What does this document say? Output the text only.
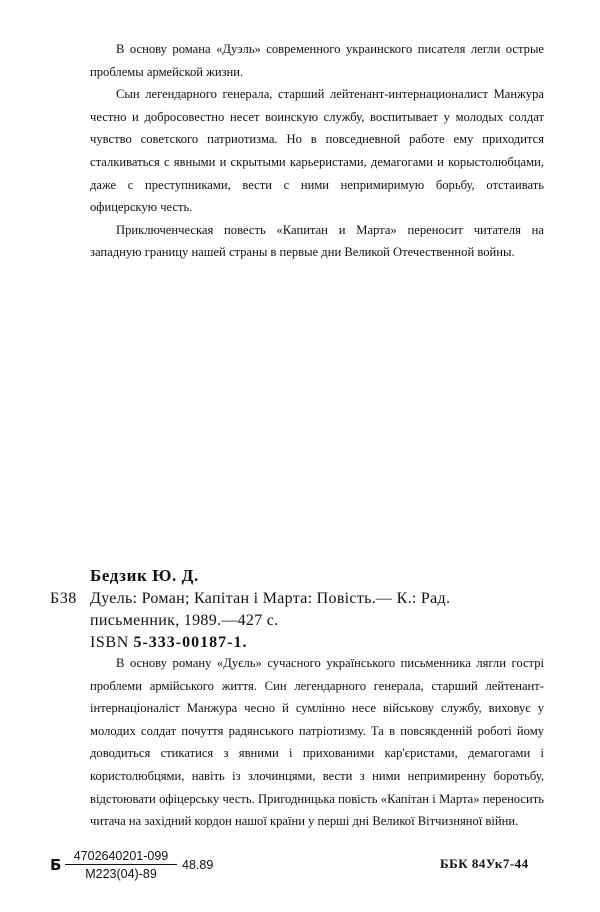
В основу романа «Дуэль» современного украинского писателя легли острые проблемы армейской жизни.

Сын легендарного генерала, старший лейтенант-интернационалист Манжура честно и добросовестно несет воинскую службу, воспитывает у молодых солдат чувство советского патриотизма. Но в повседневной работе ему приходится сталкиваться с явными и скрытыми карьеристами, демагогами и корыстолюбцами, даже с преступниками, вести с ними непримиримую борьбу, отстаивать офицерскую честь.

Приключенческая повесть «Капитан и Марта» переносит читателя на западную границу нашей страны в первые дни Великой Отечественной войны.

Бедзик Ю. Д.
Б38 Дуель: Роман; Капітан і Марта: Повість.— К.: Рад.
письменник, 1989.—427 с.
ISBN 5-333-00187-1.

В основу роману «Дуєль» сучасного українського письменника лягли гострі проблеми армійського життя. Син легендарного генерала, старший лейтенант-інтернаціоналіст Манжура чесно й сумлінно несе військову службу, виховує у молодих солдат почуття радянського патріотизму. Та в повсякденній роботі йому доводиться стикатися з явними і прихованими кар'єристами, демагогами і користолюбцями, навіть із злочинцями, вести з ними непримиренну боротьбу, відстоювати офіцерську честь. Пригодницька повість «Капітан і Марта» переносить читача на західний кордон нашої країни у перші дні Великої Вітчизняної війни.

Б 4702640201-099
М223(04)-89
48.89	ББК 84Ук7-44
